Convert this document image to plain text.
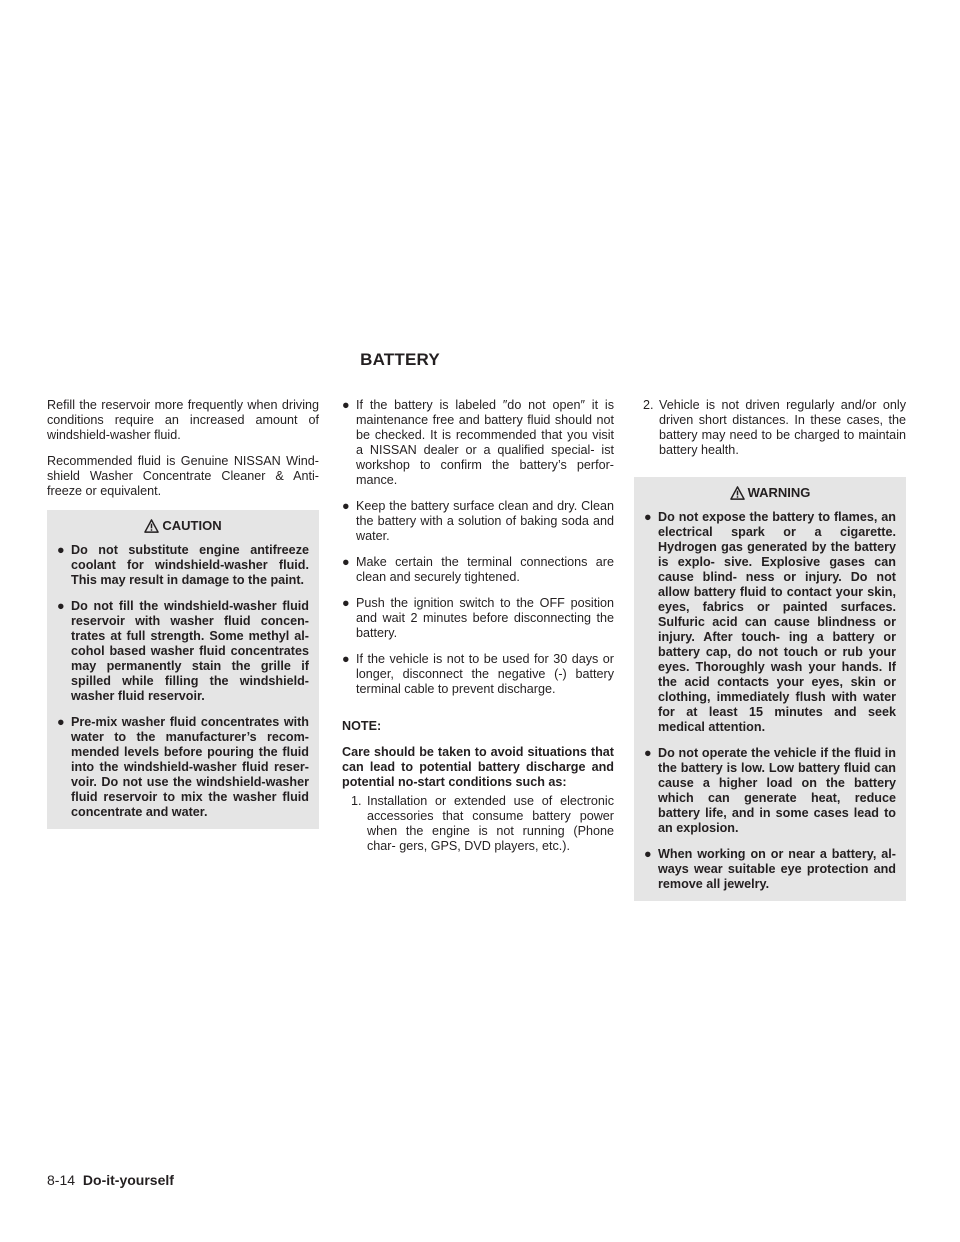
BATTERY

Refill the reservoir more frequently when driving conditions require an increased amount of windshield-washer fluid.

Recommended fluid is Genuine NISSAN Wind- shield Washer Concentrate Cleaner & Anti- freeze or equivalent.

CAUTION
● Do not substitute engine antifreeze coolant for windshield-washer fluid. This may result in damage to the paint.
● Do not fill the windshield-washer fluid reservoir with washer fluid concen- trates at full strength. Some methyl al- cohol based washer fluid concentrates may permanently stain the grille if spilled while filling the windshield- washer fluid reservoir.
● Pre-mix washer fluid concentrates with water to the manufacturer’s recom- mended levels before pouring the fluid into the windshield-washer fluid reser- voir. Do not use the windshield-washer fluid reservoir to mix the washer fluid concentrate and water.
● If the battery is labeled ″do not open″ it is maintenance free and battery fluid should not be checked. It is recommended that you visit a NISSAN dealer or a qualified special- ist workshop to confirm the battery’s perfor- mance.
● Keep the battery surface clean and dry. Clean the battery with a solution of baking soda and water.
● Make certain the terminal connections are clean and securely tightened.
● Push the ignition switch to the OFF position and wait 2 minutes before disconnecting the battery.
● If the vehicle is not to be used for 30 days or longer, disconnect the negative (-) battery terminal cable to prevent discharge.
NOTE:

Care should be taken to avoid situations that can lead to potential battery discharge and potential no-start conditions such as:

1. Installation or extended use of electronic accessories that consume battery power when the engine is not running (Phone char- gers, GPS, DVD players, etc.).
2. Vehicle is not driven regularly and/or only driven short distances. In these cases, the battery may need to be charged to maintain battery health.
WARNING
● Do not expose the battery to flames, an electrical spark or a cigarette. Hydrogen gas generated by the battery is explo- sive. Explosive gases can cause blind- ness or injury. Do not allow battery fluid to contact your skin, eyes, fabrics or painted surfaces. Sulfuric acid can cause blindness or injury. After touch- ing a battery or battery cap, do not touch or rub your eyes. Thoroughly wash your hands. If the acid contacts your eyes, skin or clothing, immediately flush with water for at least 15 minutes and seek medical attention.
● Do not operate the vehicle if the fluid in the battery is low. Low battery fluid can cause a higher load on the battery which can generate heat, reduce battery life, and in some cases lead to an explosion.
● When working on or near a battery, al- ways wear suitable eye protection and remove all jewelry.
8-14 Do-it-yourself
